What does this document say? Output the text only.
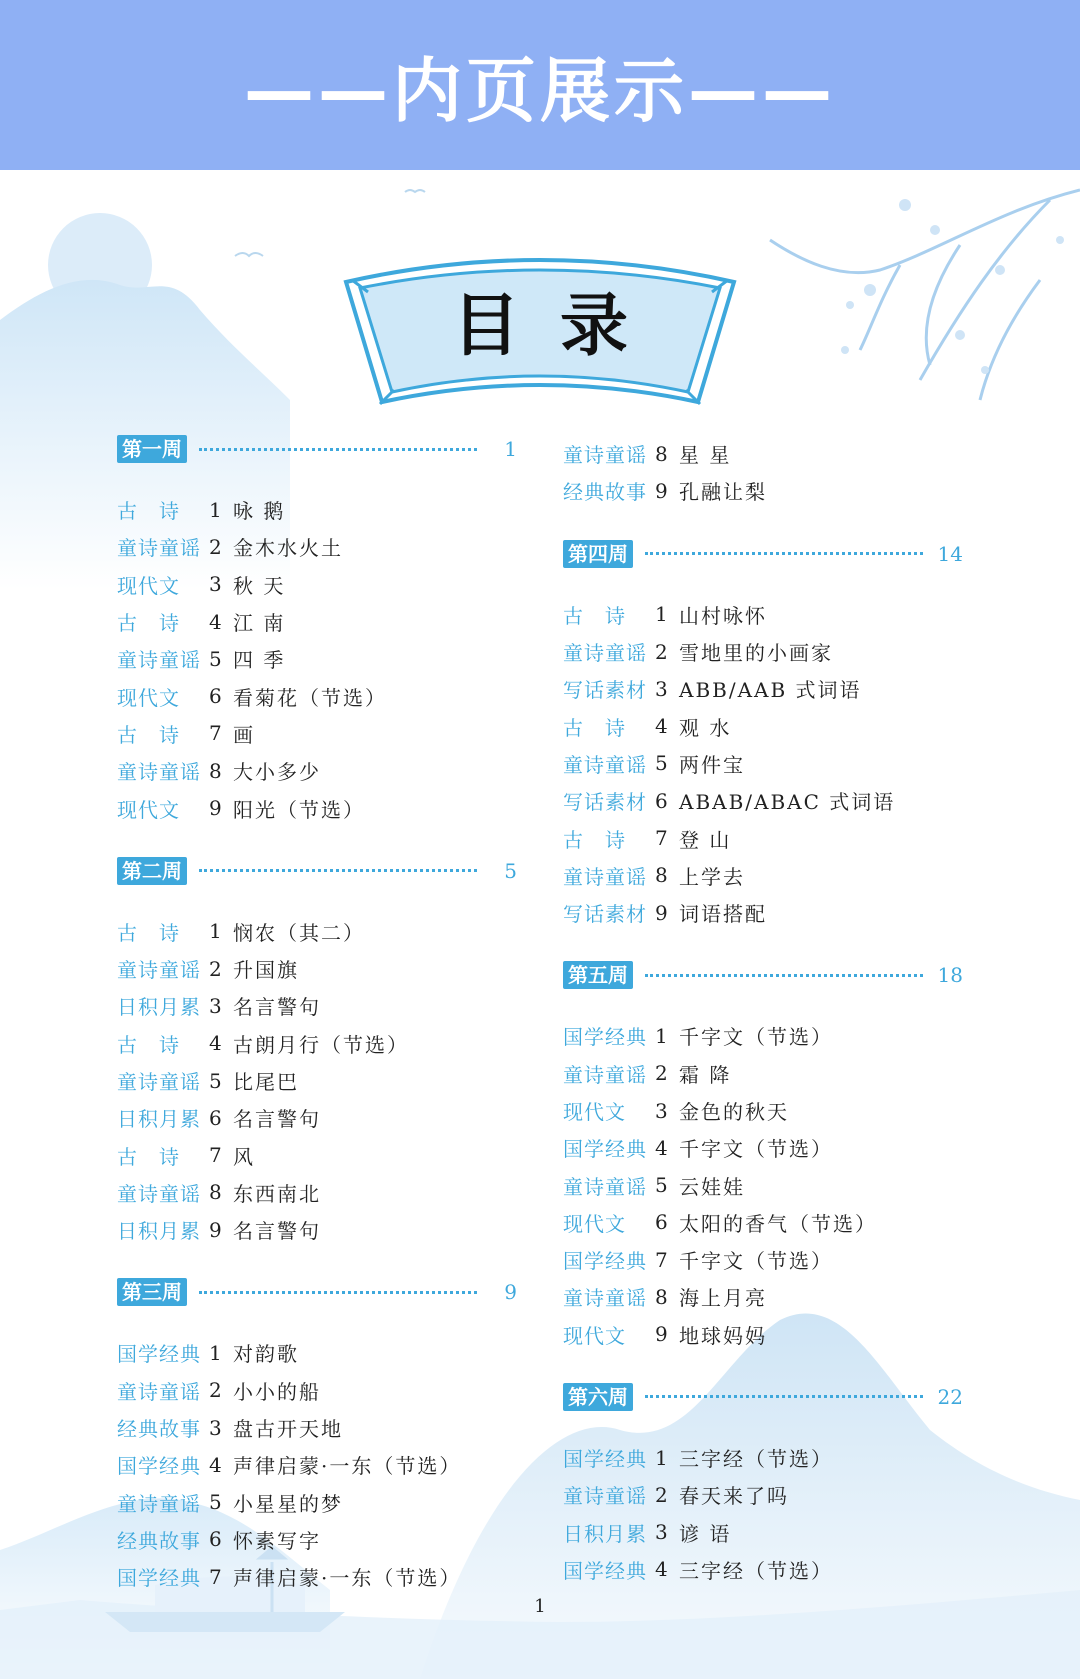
——内页展示——
目录
第一周	1
古　诗	1 咏 鹅
童诗童谣 2 金木水火土
现代文	3 秋 天
古　诗	4 江 南
童诗童谣 5 四 季
现代文	6 看菊花（节选）
古　诗	7 画
童诗童谣 8 大小多少
现代文	9 阳光（节选）
第二周	5
古　诗	1 悯农（其二）
童诗童谣 2 升国旗
日积月累 3 名言警句
古　诗	4 古朗月行（节选）
童诗童谣 5 比尾巴
日积月累 6 名言警句
古　诗	7 风
童诗童谣 8 东西南北
日积月累 9 名言警句
第三周	9
国学经典 1 对韵歌
童诗童谣 2 小小的船
经典故事 3 盘古开天地
国学经典 4 声律启蒙·一东（节选）
童诗童谣 5 小星星的梦
经典故事 6 怀素写字
国学经典 7 声律启蒙·一东（节选）
童诗童谣 8 星 星
经典故事 9 孔融让梨
第四周	14
古　诗	1 山村咏怀
童诗童谣 2 雪地里的小画家
写话素材 3 ABB/AAB 式词语
古　诗	4 观 水
童诗童谣 5 两件宝
写话素材 6 ABAB/ABAC 式词语
古　诗	7 登 山
童诗童谣 8 上学去
写话素材 9 词语搭配
第五周	18
国学经典 1 千字文（节选）
童诗童谣 2 霜 降
现代文	3 金色的秋天
国学经典 4 千字文（节选）
童诗童谣 5 云娃娃
现代文	6 太阳的香气（节选）
国学经典 7 千字文（节选）
童诗童谣 8 海上月亮
现代文	9 地球妈妈
第六周	22
国学经典 1 三字经（节选）
童诗童谣 2 春天来了吗
日积月累 3 谚 语
国学经典 4 三字经（节选）
1
